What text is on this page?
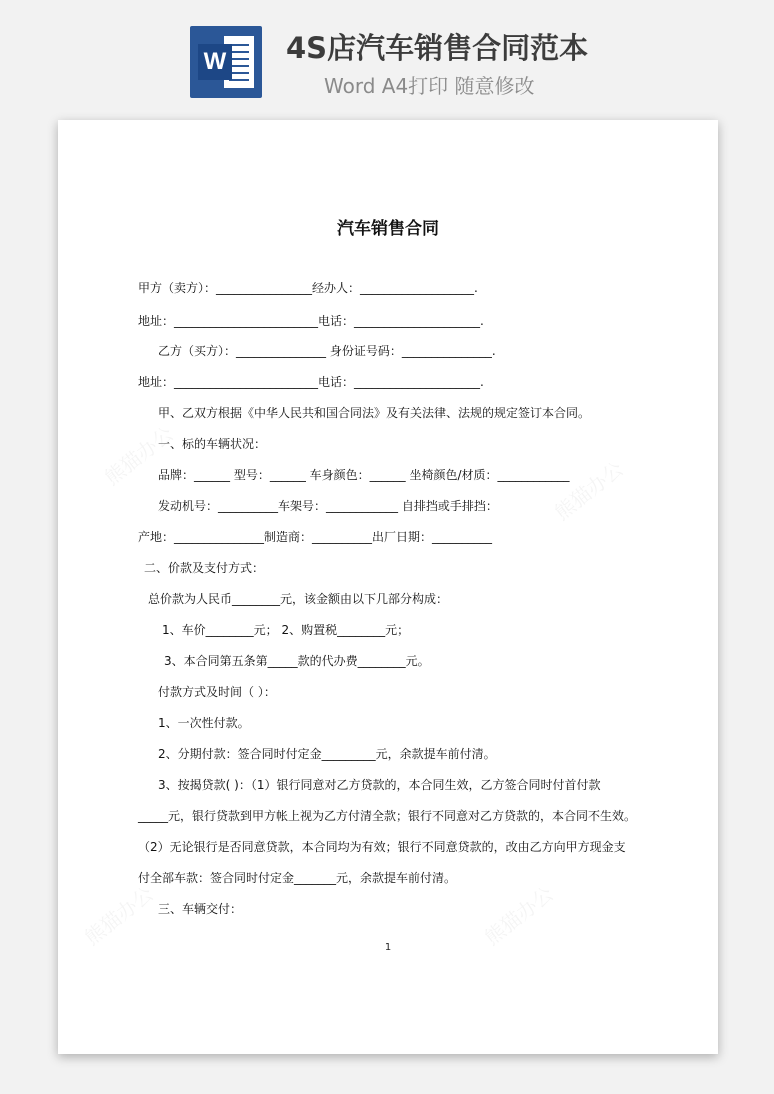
W 4S店汽车销售合同范本
Word A4打印 随意修改
汽车销售合同
甲方（卖方）：________________经办人：___________________.
地址：________________________电话：_____________________.
乙方（买方）：_______________ 身份证号码：_______________.
地址：________________________电话：_____________________.
甲、乙双方根据《中华人民共和国合同法》及有关法律、法规的规定签订本合同。
一、标的车辆状况：
品牌：______ 型号：______ 车身颜色：______ 坐椅颜色/材质：____________
发动机号：__________车架号：____________ 自排挡或手排挡：
产地：_______________制造商：__________出厂日期：__________
二、价款及支付方式：
总价款为人民币________元，该金额由以下几部分构成：
1、车价________元； 2、购置税________元；
3、本合同第五条第_____款的代办费________元。
付款方式及时间（ ）：
1、一次性付款。
2、分期付款：签合同时付定金_________元，余款提车前付清。
3、按揭贷款( )：（1）银行同意对乙方贷款的，本合同生效，乙方签合同时付首付款
_____元，银行贷款到甲方帐上视为乙方付清全款；银行不同意对乙方贷款的，本合同不生效。
（2）无论银行是否同意贷款，本合同均为有效；银行不同意贷款的，改由乙方向甲方现金支
付全部车款：签合同时付定金_______元，余款提车前付清。
三、车辆交付：
1
